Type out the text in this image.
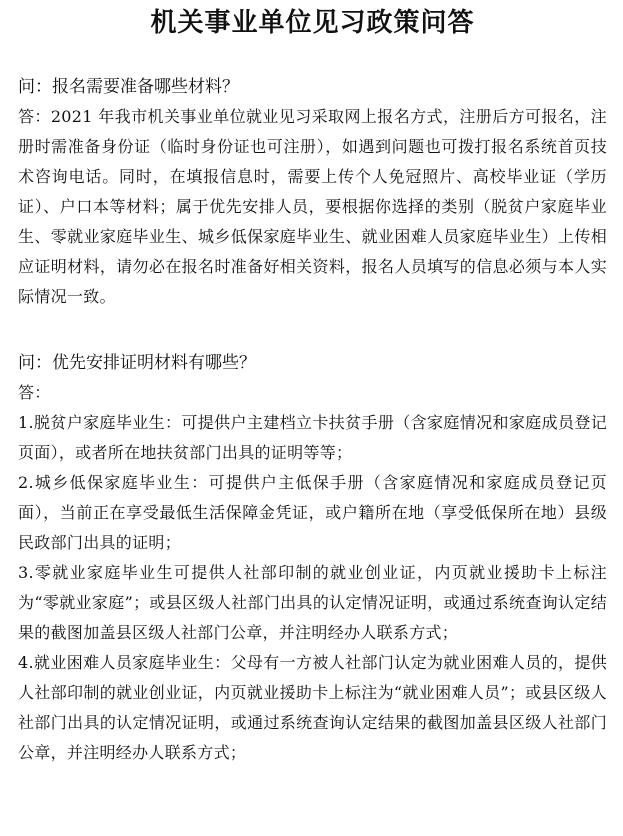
机关事业单位见习政策问答

问：报名需要准备哪些材料？

答：2021 年我市机关事业单位就业见习采取网上报名方式，注册后方可报名，注册时需准备身份证（临时身份证也可注册），如遇到问题也可拨打报名系统首页技术咨询电话。同时，在填报信息时，需要上传个人免冠照片、高校毕业证（学历证）、户口本等材料；属于优先安排人员，要根据你选择的类别（脱贫户家庭毕业生、零就业家庭毕业生、城乡低保家庭毕业生、就业困难人员家庭毕业生）上传相应证明材料，请勿必在报名时准备好相关资料，报名人员填写的信息必须与本人实际情况一致。

问：优先安排证明材料有哪些？

答：

1.脱贫户家庭毕业生：可提供户主建档立卡扶贫手册（含家庭情况和家庭成员登记页面），或者所在地扶贫部门出具的证明等等；

2.城乡低保家庭毕业生：可提供户主低保手册（含家庭情况和家庭成员登记页面），当前正在享受最低生活保障金凭证，或户籍所在地（享受低保所在地）县级民政部门出具的证明；

3.零就业家庭毕业生可提供人社部印制的就业创业证，内页就业援助卡上标注为“零就业家庭”；或县区级人社部门出具的认定情况证明，或通过系统查询认定结果的截图加盖县区级人社部门公章，并注明经办人联系方式；

4.就业困难人员家庭毕业生：父母有一方被人社部门认定为就业困难人员的，提供人社部印制的就业创业证，内页就业援助卡上标注为“就业困难人员”；或县区级人社部门出具的认定情况证明，或通过系统查询认定结果的截图加盖县区级人社部门公章，并注明经办人联系方式；
